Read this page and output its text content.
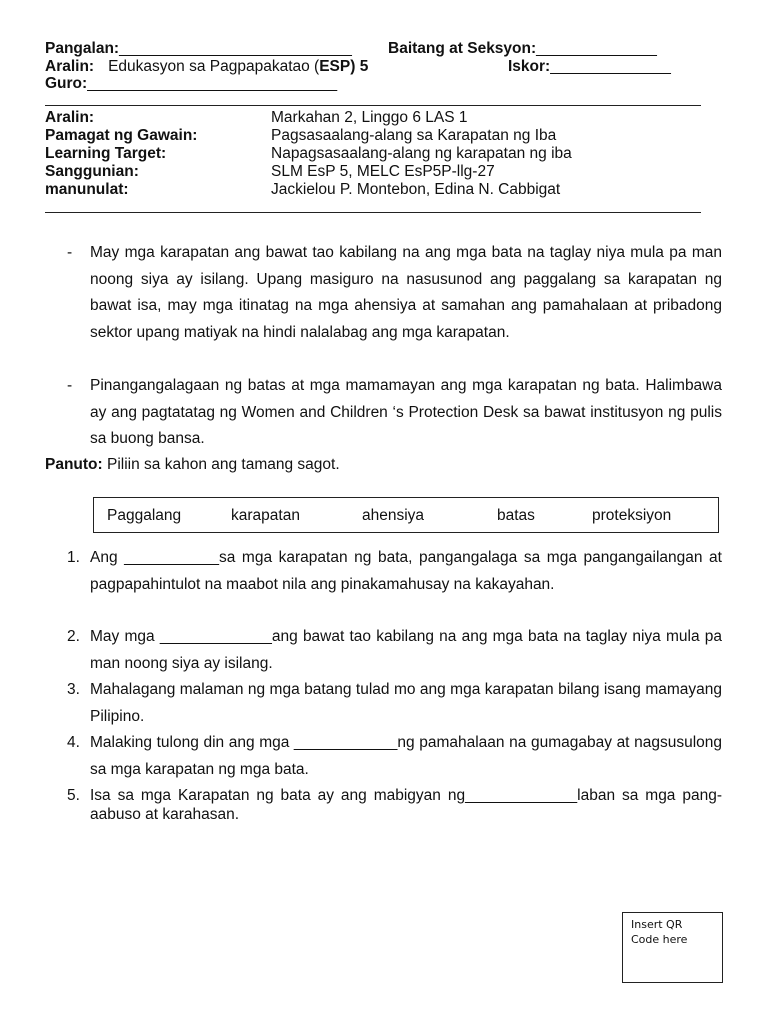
Pangalan:___________________________ Baitang at Seksyon:______________
Aralin: Edukasyon sa Pagpapakatao (ESP) 5	Iskor:______________
Guro:_____________________________
Aralin:	Markahan 2, Linggo 6 LAS 1
Pamagat ng Gawain:	Pagsasaalang-alang sa Karapatan ng Iba
Learning Target:	Napagsasaalang-alang ng karapatan ng iba
Sanggunian:	SLM EsP 5, MELC EsP5P-llg-27
manunulat:	Jackielou P. Montebon, Edina N. Cabbigat
- May mga karapatan ang bawat tao kabilang na ang mga bata na taglay niya mula pa man noong siya ay isilang. Upang masiguro na nasusunod ang paggalang sa karapatan ng bawat isa, may mga itinatag na mga ahensiya at samahan ang pamahalaan at pribadong sektor upang matiyak na hindi nalalabag ang mga karapatan.
- Pinangangalagaan ng batas at mga mamamayan ang mga karapatan ng bata. Halimbawa ay ang pagtatatag ng Women and Children ‘s Protection Desk sa bawat institusyon ng pulis sa buong bansa.
Panuto: Piliin sa kahon ang tamang sagot.
Paggalang	karapatan	ahensiya	batas	proteksiyon
1. Ang ___________sa mga karapatan ng bata, pangangalaga sa mga pangangailangan at pagpapahintulot na maabot nila ang pinakamahusay na kakayahan.
2. May mga _____________ang bawat tao kabilang na ang mga bata na taglay niya mula pa man noong siya ay isilang.
3. Mahalagang malaman ng mga batang tulad mo ang mga karapatan bilang isang mamayang Pilipino.
4. Malaking tulong din ang mga ____________ng pamahalaan na gumagabay at nagsusulong sa mga karapatan ng mga bata.
5. Isa sa mga Karapatan ng bata ay ang mabigyan ng_____________laban sa mga pang- aabuso at karahasan.
Insert QR
Code here
